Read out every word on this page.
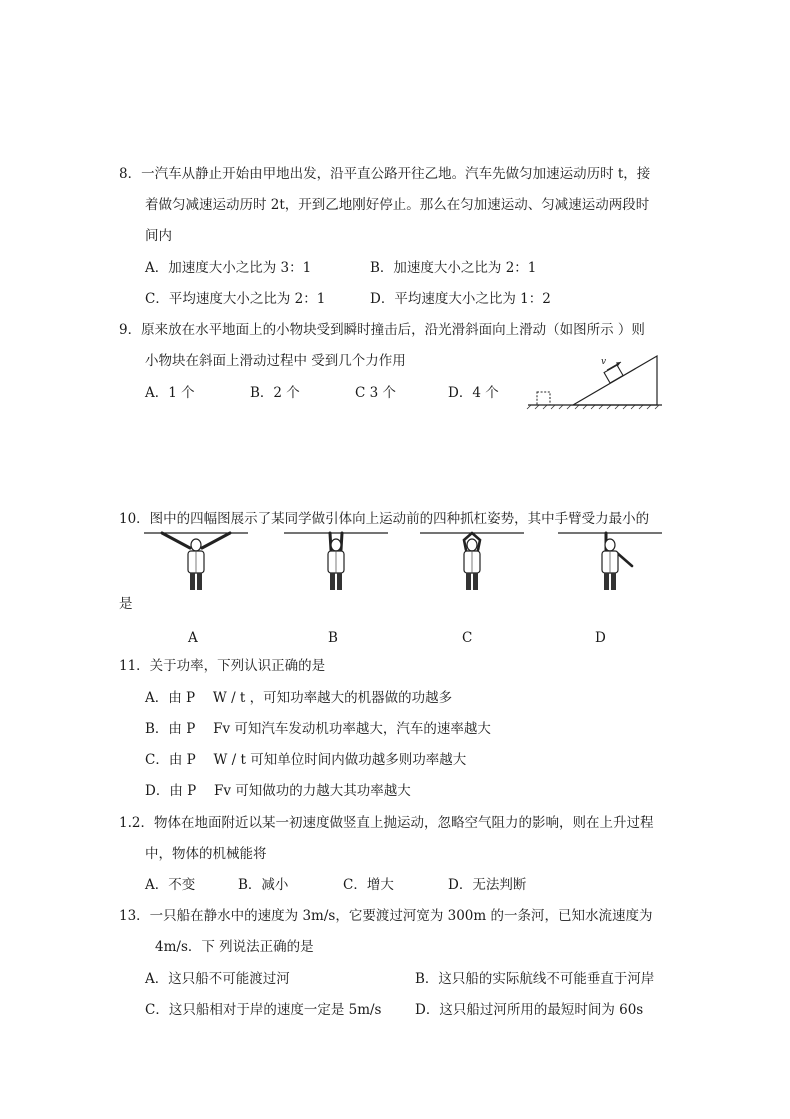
8．一汽车从静止开始由甲地出发，沿平直公路开往乙地。汽车先做匀加速运动历时 t，接
着做匀减速运动历时 2t，开到乙地刚好停止。那么在匀加速运动、匀减速运动两段时
间内
A．加速度大小之比为 3：1	B．加速度大小之比为 2：1
C．平均速度大小之比为 2：1	D．平均速度大小之比为 1：2
9．原来放在水平地面上的小物块受到瞬时撞击后，沿光滑斜面向上滑动（如图所示 ）则
小物块在斜面上滑动过程中 受到几个力作用
A．1 个	B．2 个	C 3 个	D．4 个
v
10．图中的四幅图展示了某同学做引体向上运动前的四种抓杠姿势，其中手臂受力最小的
是
A	B	C	D
11．关于功率，下列认识正确的是
A．由 P　 W / t ，可知功率越大的机器做的功越多
B．由 P　 Fv 可知汽车发动机功率越大，汽车的速率越大
C．由 P　 W / t 可知单位时间内做功越多则功率越大
D．由 P　 Fv 可知做功的力越大其功率越大
1.2．物体在地面附近以某一初速度做竖直上抛运动，忽略空气阻力的影响，则在上升过程
中，物体的机械能将
A．不变	B．减小	C．增大	D．无法判断
13．一只船在静水中的速度为 3m/s，它要渡过河宽为 300m 的一条河，已知水流速度为
4m/s．下 列说法正确的是
A．这只船不可能渡过河	B．这只船的实际航线不可能垂直于河岸
C．这只船相对于岸的速度一定是 5m/s D．这只船过河所用的最短时间为 60s
